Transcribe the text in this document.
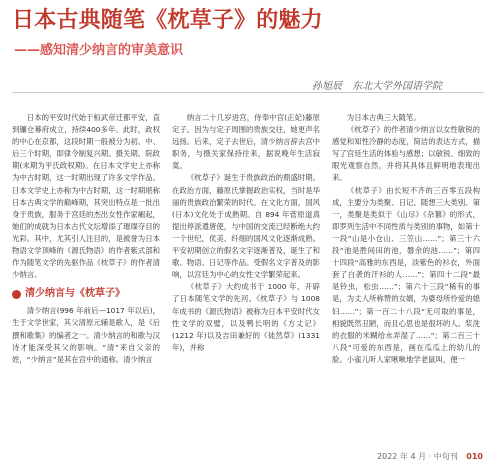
日本古典随笔《枕草子》的魅力
——感知清少纳言的审美意识
孙旭辰　东北大学外国语学院

日本的平安时代始于桓武帝迁都平安，直到镰仓幕府成立，持续400多年。此时，政权的中心在京都，这段时期一般被分为初、中、后三个时期，即律令制复兴期、摄关期、院政期(末期为平氏政权期)。在日本文学史上亦称为中古时期，这一时期出现了许多文学作品。日本文学史上亦称为中古时期，这一时期堪称日本古典文学的巅峰期，其突出特点是一批出身于贵族，服务于宫廷的杰出女性作家崛起，她们的成就为日本古代文坛增添了璀璨夺目的光彩。其中，尤其引人注目的，是被誉为日本物语文学顶峰的《源氏物语》的作者紫式部和作为随笔文学的先驱作品《枕草子》的作者清少纳言。

清少纳言与《枕草子》

清少纳言(996 年前后—1017 年以后)，生于文学世家，其父清原元辅是歌人，是《后撰和歌集》的编者之一。清少纳言的和歌与汉诗才能深受其父的影响。“清”来自父亲的姓，“少纳言”是其在宫中的通称。清少纳言

纳言二十几岁进宫，侍奉中宫(正妃)藤原定子。因为与定子周围的贵族交往，她更声名远扬。后来，定子去世后，清少纳言辞去宫中职务，与摄关家保持往来，据说晚年生活寂寞。

《枕草子》诞生于贵族政治的鼎盛时期。在政治方面，藤原氏掌握政治实权，当时是华丽的贵族政治繁荣的时代。在文化方面，国风(日本)文化处于成熟期。自 894 年菅原道真提出停派遣唐使，与中国的交流已经断绝大约一个世纪，优美、纤细的国风文化逐渐成熟。平安初期创立的假名文字逐渐普及，诞生了和歌、物语、日记等作品。受假名文字普及的影响，以宫廷为中心的女性文学繁荣起来。

《枕草子》大约成书于 1000 年，开辟了日本随笔文学的先河。《枕草子》与 1008 年成书的《源氏物语》被称为日本平安时代女性文学的双璧，以及鸭长明的《方丈记》(1212 年)以及吉田兼好的《徒然草》(1331 年)，并称

为日本古典三大随笔。

《枕草子》的作者清少纳言以女性敏锐的感觉和知性冷静的态度，简洁的表达方式，描写了宫廷生活的体验与感想；以敏锐、细致的眼光观察自然，并将其具体且鲜明地表现出来。

《枕草子》由长短不齐的三百零五段构成，主要分为类聚、日记、随想三大类别。第一，类聚是类似于《山尽》《杂篡》的形式，即罗列生活中不同性质与类别的事物，如第十一段“山是小仓山、三笠山……”；第三十六段“池是胜间田的池，磐余的池……”；第四十四段“高雅的东西是，淡紫色的衫衣，外面套了白袭的汗衫的人……”；第四十二段“最是铃虫，松虫……”；第六十三段“稀有的事是，为丈人所称赞的女婿，为婆母所怜爱的媳妇……”；第一百二十八段“无可取的事是，相貌既然丑陋，而且心思也是很坏的人。浆洗的衣服的米糊给水弄湿了……”；第二百三十八段“可爱的东西是，画在瓜瓜上的幼儿的脸。小雀儿听人家啾啾地学老鼠叫，便一

2022 年 4 月 · 中旬刊 010
